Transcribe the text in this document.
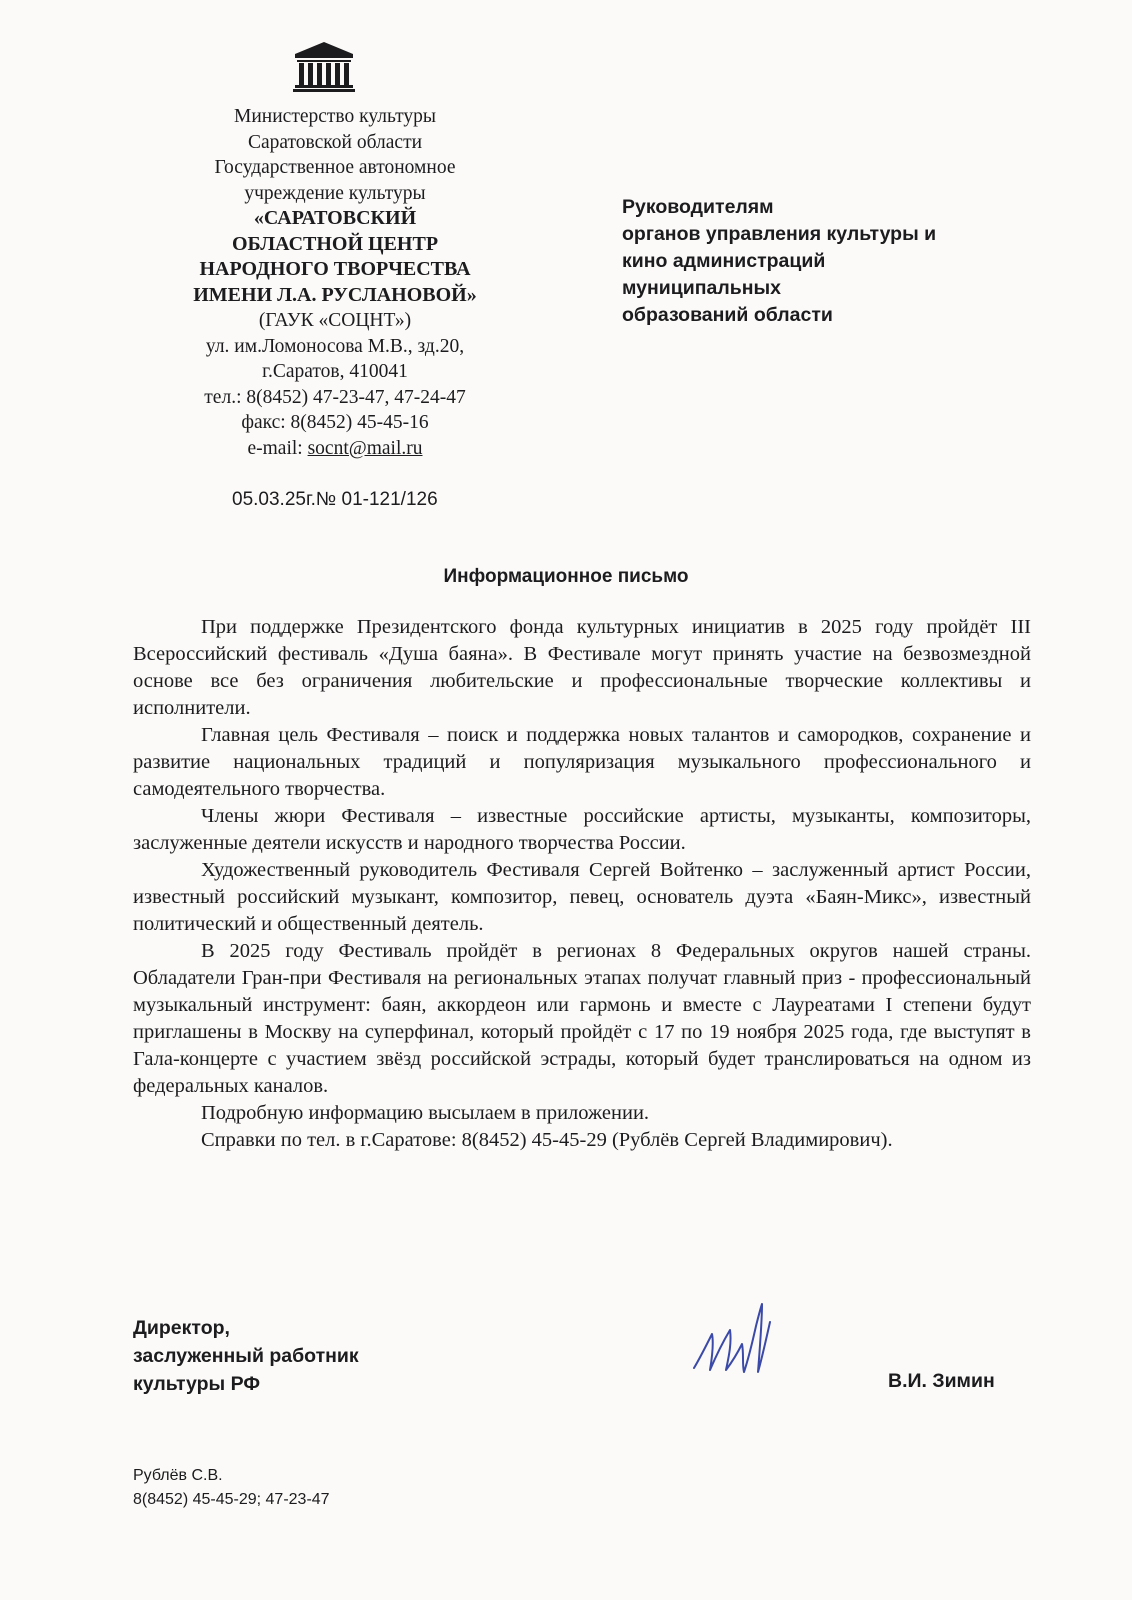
Министерство культуры
Саратовской области
Государственное автономное
учреждение культуры
«САРАТОВСКИЙ
ОБЛАСТНОЙ ЦЕНТР
НАРОДНОГО ТВОРЧЕСТВА
ИМЕНИ Л.А. РУСЛАНОВОЙ»
(ГАУК «СОЦНТ»)
ул. им.Ломоносова М.В., зд.20,
г.Саратов, 410041
тел.: 8(8452) 47-23-47, 47-24-47
факс: 8(8452) 45-45-16
e-mail: socnt@mail.ru
05.03.25г.№ 01-121/126
Руководителям
органов управления культуры и
кино администраций
муниципальных
образований области
Информационное письмо

При поддержке Президентского фонда культурных инициатив в 2025 году пройдёт III Всероссийский фестиваль «Душа баяна». В Фестивале могут принять участие на безвозмездной основе все без ограничения любительские и профессиональные творческие коллективы и исполнители.

Главная цель Фестиваля – поиск и поддержка новых талантов и самородков, сохранение и развитие национальных традиций и популяризация музыкального профессионального и самодеятельного творчества.

Члены жюри Фестиваля – известные российские артисты, музыканты, композиторы, заслуженные деятели искусств и народного творчества России.

Художественный руководитель Фестиваля Сергей Войтенко – заслуженный артист России, известный российский музыкант, композитор, певец, основатель дуэта «Баян-Микс», известный политический и общественный деятель.

В 2025 году Фестиваль пройдёт в регионах 8 Федеральных округов нашей страны. Обладатели Гран-при Фестиваля на региональных этапах получат главный приз - профессиональный музыкальный инструмент: баян, аккордеон или гармонь и вместе с Лауреатами I степени будут приглашены в Москву на суперфинал, который пройдёт с 17 по 19 ноября 2025 года, где выступят в Гала-концерте с участием звёзд российской эстрады, который будет транслироваться на одном из федеральных каналов.

Подробную информацию высылаем в приложении.

Справки по тел. в г.Саратове: 8(8452) 45-45-29 (Рублёв Сергей Владимирович).

Директор,
заслуженный работник
культуры РФ	В.И. Зимин
Рублёв С.В.
8(8452) 45-45-29; 47-23-47
